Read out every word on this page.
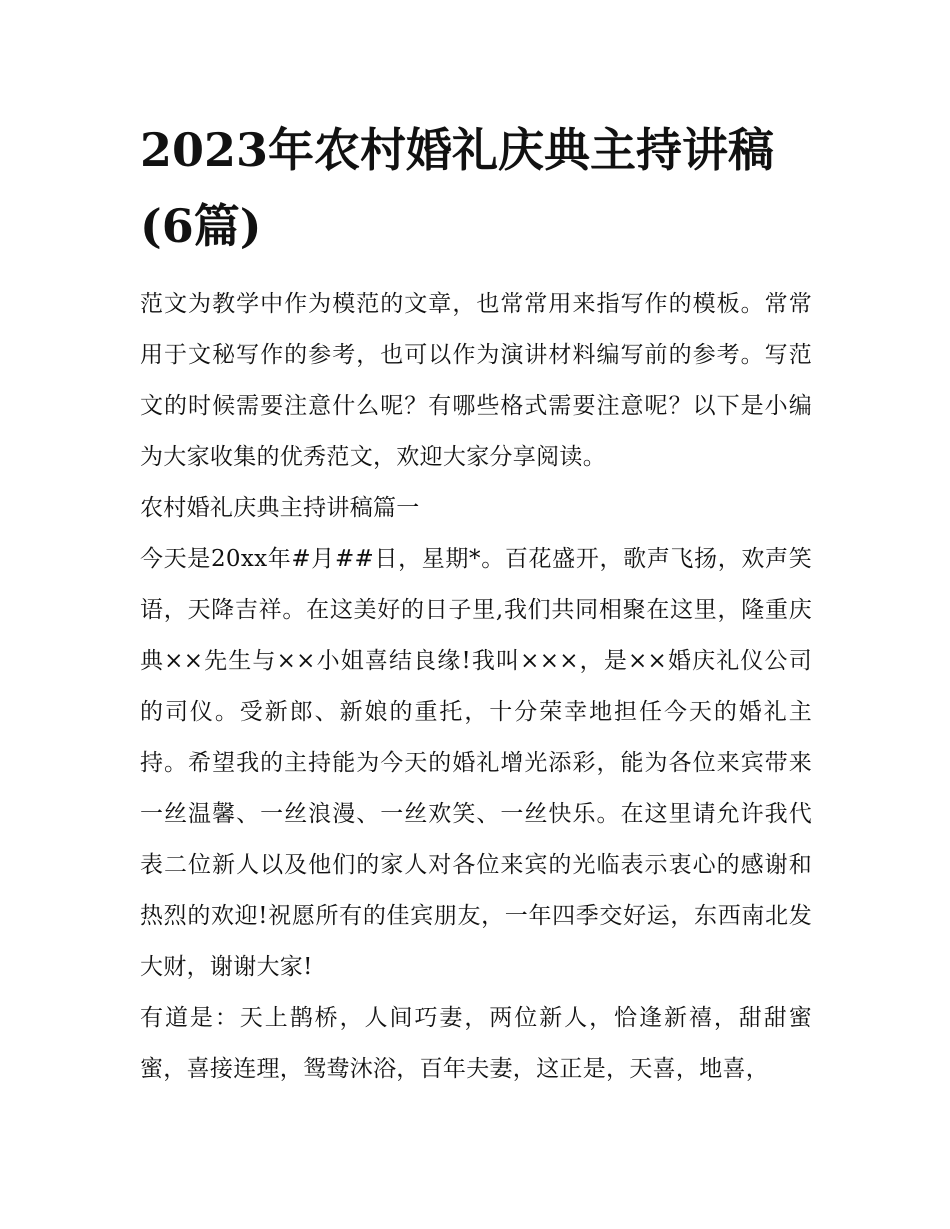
2023年农村婚礼庆典主持讲稿(6篇)

范文为教学中作为模范的文章，也常常用来指写作的模板。常常用于文秘写作的参考，也可以作为演讲材料编写前的参考。写范文的时候需要注意什么呢？有哪些格式需要注意呢？以下是小编为大家收集的优秀范文，欢迎大家分享阅读。

农村婚礼庆典主持讲稿篇一

今天是20xx年#月##日，星期*。百花盛开，歌声飞扬，欢声笑语，天降吉祥。在这美好的日子里,我们共同相聚在这里，隆重庆典××先生与××小姐喜结良缘!我叫×××，是××婚庆礼仪公司的司仪。受新郎、新娘的重托，十分荣幸地担任今天的婚礼主持。希望我的主持能为今天的婚礼增光添彩，能为各位来宾带来一丝温馨、一丝浪漫、一丝欢笑、一丝快乐。在这里请允许我代表二位新人以及他们的家人对各位来宾的光临表示衷心的感谢和热烈的欢迎!祝愿所有的佳宾朋友，一年四季交好运，东西南北发大财，谢谢大家!

有道是：天上鹊桥，人间巧妻，两位新人，恰逢新禧，甜甜蜜蜜，喜接连理，鸳鸯沐浴，百年夫妻，这正是，天喜，地喜，
